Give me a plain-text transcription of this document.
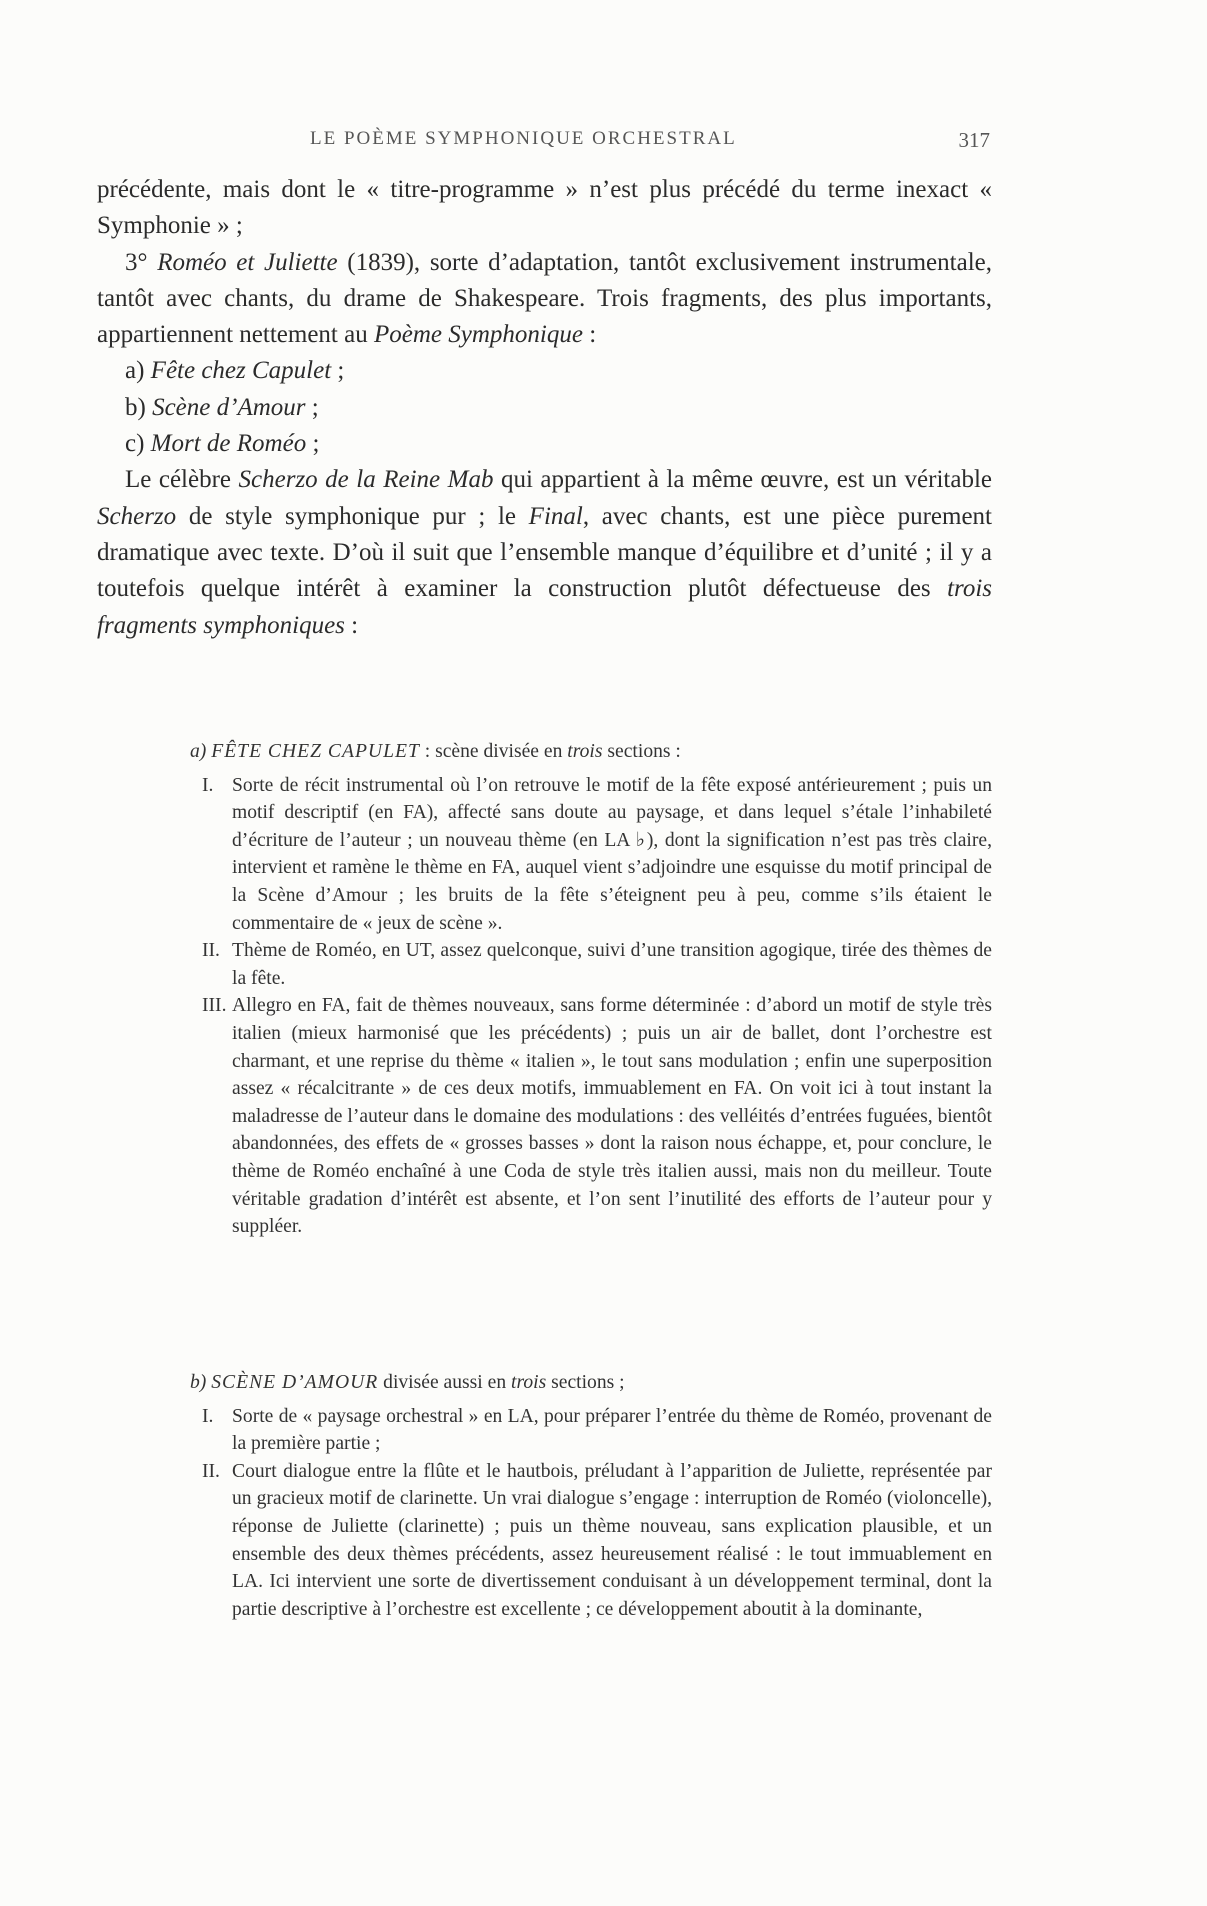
LE POÈME SYMPHONIQUE ORCHESTRAL	317

précédente, mais dont le « titre-programme » n’est plus précédé du terme inexact « Symphonie » ;

3° Roméo et Juliette (1839), sorte d’adaptation, tantôt exclusivement instrumentale, tantôt avec chants, du drame de Shakespeare. Trois fragments, des plus importants, appartiennent nettement au Poème Symphonique :

a) Fête chez Capulet ;

b) Scène d’Amour ;

c) Mort de Roméo ;

Le célèbre Scherzo de la Reine Mab qui appartient à la même œuvre, est un véritable Scherzo de style symphonique pur ; le Final, avec chants, est une pièce purement dramatique avec texte. D’où il suit que l’ensemble manque d’équilibre et d’unité ; il y a toutefois quelque intérêt à examiner la construction plutôt défectueuse des trois fragments symphoniques :

a) FÊTE CHEZ CAPULET : scène divisée en trois sections :

I. Sorte de récit instrumental où l’on retrouve le motif de la fête exposé antérieurement ; puis un motif descriptif (en FA), affecté sans doute au paysage, et dans lequel s’étale l’inhabileté d’écriture de l’auteur ; un nouveau thème (en LA ♭), dont la signification n’est pas très claire, intervient et ramène le thème en FA, auquel vient s’adjoindre une esquisse du motif principal de la Scène d’Amour ; les bruits de la fête s’éteignent peu à peu, comme s’ils étaient le commentaire de « jeux de scène ».
II. Thème de Roméo, en UT, assez quelconque, suivi d’une transition agogique, tirée des thèmes de la fête.
III. Allegro en FA, fait de thèmes nouveaux, sans forme déterminée : d’abord un motif de style très italien (mieux harmonisé que les précédents) ; puis un air de ballet, dont l’orchestre est charmant, et une reprise du thème « italien », le tout sans modulation ; enfin une superposition assez « récalcitrante » de ces deux motifs, immuablement en FA. On voit ici à tout instant la maladresse de l’auteur dans le domaine des modulations : des velléités d’entrées fuguées, bientôt abandonnées, des effets de « grosses basses » dont la raison nous échappe, et, pour conclure, le thème de Roméo enchaîné à une Coda de style très italien aussi, mais non du meilleur. Toute véritable gradation d’intérêt est absente, et l’on sent l’inutilité des efforts de l’auteur pour y suppléer.

b) SCÈNE D’AMOUR divisée aussi en trois sections ;

I. Sorte de « paysage orchestral » en LA, pour préparer l’entrée du thème de Roméo, provenant de la première partie ;
II. Court dialogue entre la flûte et le hautbois, préludant à l’apparition de Juliette, représentée par un gracieux motif de clarinette. Un vrai dialogue s’engage : interruption de Roméo (violoncelle), réponse de Juliette (clarinette) ; puis un thème nouveau, sans explication plausible, et un ensemble des deux thèmes précédents, assez heureusement réalisé : le tout immuablement en LA. Ici intervient une sorte de divertissement conduisant à un développement terminal, dont la partie descriptive à l’orchestre est excellente ; ce développement aboutit à la dominante,
